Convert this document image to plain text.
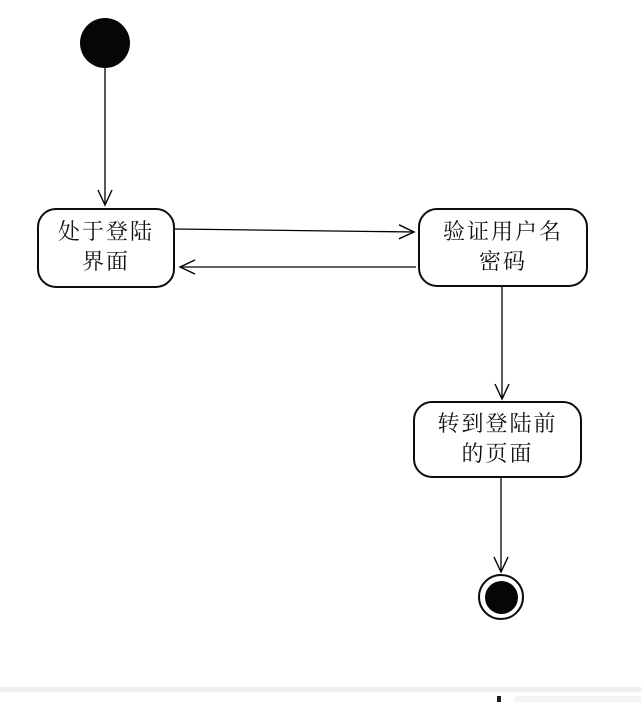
处于登陆
界面
验证用户名
密码
转到登陆前
的页面
